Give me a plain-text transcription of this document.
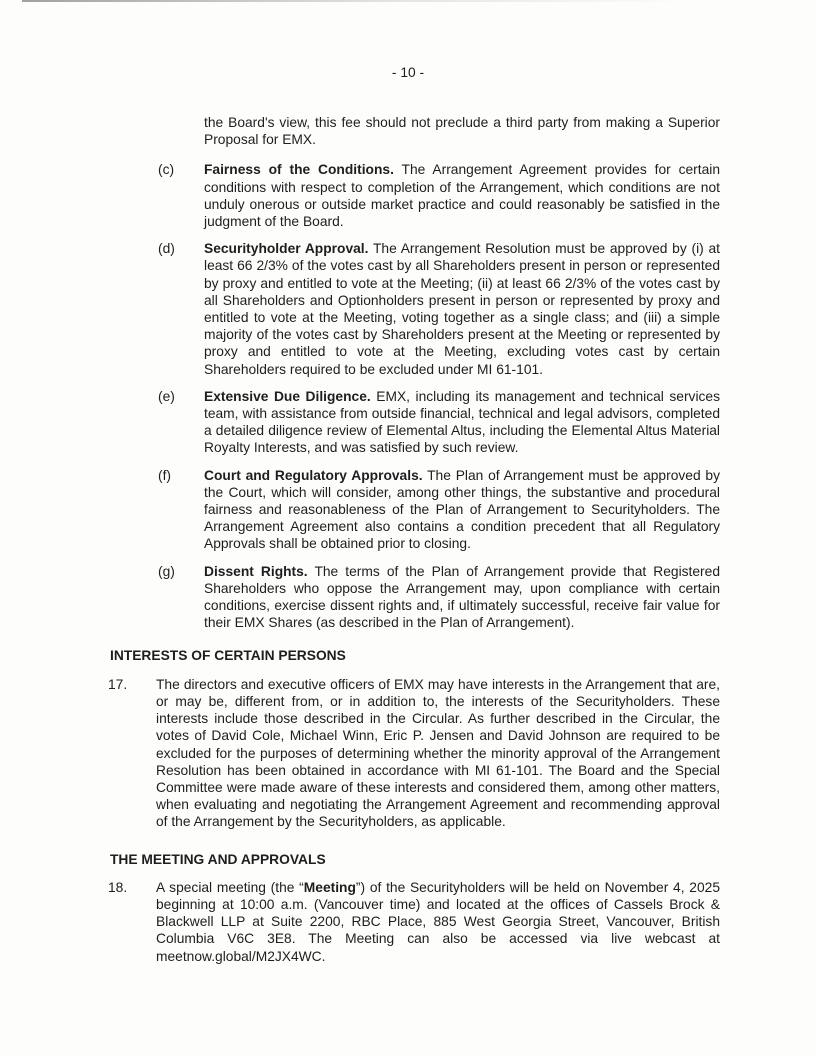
- 10 -

the Board's view, this fee should not preclude a third party from making a Superior Proposal for EMX.

(c)	Fairness of the Conditions. The Arrangement Agreement provides for certain conditions with respect to completion of the Arrangement, which conditions are not unduly onerous or outside market practice and could reasonably be satisfied in the judgment of the Board.

(d)	Securityholder Approval. The Arrangement Resolution must be approved by (i) at least 66 2/3% of the votes cast by all Shareholders present in person or represented by proxy and entitled to vote at the Meeting; (ii) at least 66 2/3% of the votes cast by all Shareholders and Optionholders present in person or represented by proxy and entitled to vote at the Meeting, voting together as a single class; and (iii) a simple majority of the votes cast by Shareholders present at the Meeting or represented by proxy and entitled to vote at the Meeting, excluding votes cast by certain Shareholders required to be excluded under MI 61-101.

(e)	Extensive Due Diligence. EMX, including its management and technical services team, with assistance from outside financial, technical and legal advisors, completed a detailed diligence review of Elemental Altus, including the Elemental Altus Material Royalty Interests, and was satisfied by such review.

(f)	Court and Regulatory Approvals. The Plan of Arrangement must be approved by the Court, which will consider, among other things, the substantive and procedural fairness and reasonableness of the Plan of Arrangement to Securityholders. The Arrangement Agreement also contains a condition precedent that all Regulatory Approvals shall be obtained prior to closing.

(g)	Dissent Rights. The terms of the Plan of Arrangement provide that Registered Shareholders who oppose the Arrangement may, upon compliance with certain conditions, exercise dissent rights and, if ultimately successful, receive fair value for their EMX Shares (as described in the Plan of Arrangement).

INTERESTS OF CERTAIN PERSONS
17.	The directors and executive officers of EMX may have interests in the Arrangement that are, or may be, different from, or in addition to, the interests of the Securityholders. These interests include those described in the Circular. As further described in the Circular, the votes of David Cole, Michael Winn, Eric P. Jensen and David Johnson are required to be excluded for the purposes of determining whether the minority approval of the Arrangement Resolution has been obtained in accordance with MI 61-101. The Board and the Special Committee were made aware of these interests and considered them, among other matters, when evaluating and negotiating the Arrangement Agreement and recommending approval of the Arrangement by the Securityholders, as applicable.

THE MEETING AND APPROVALS
18.	A special meeting (the “Meeting”) of the Securityholders will be held on November 4, 2025 beginning at 10:00 a.m. (Vancouver time) and located at the offices of Cassels Brock & Blackwell LLP at Suite 2200, RBC Place, 885 West Georgia Street, Vancouver, British Columbia V6C 3E8. The Meeting can also be accessed via live webcast at meetnow.global/M2JX4WC.
